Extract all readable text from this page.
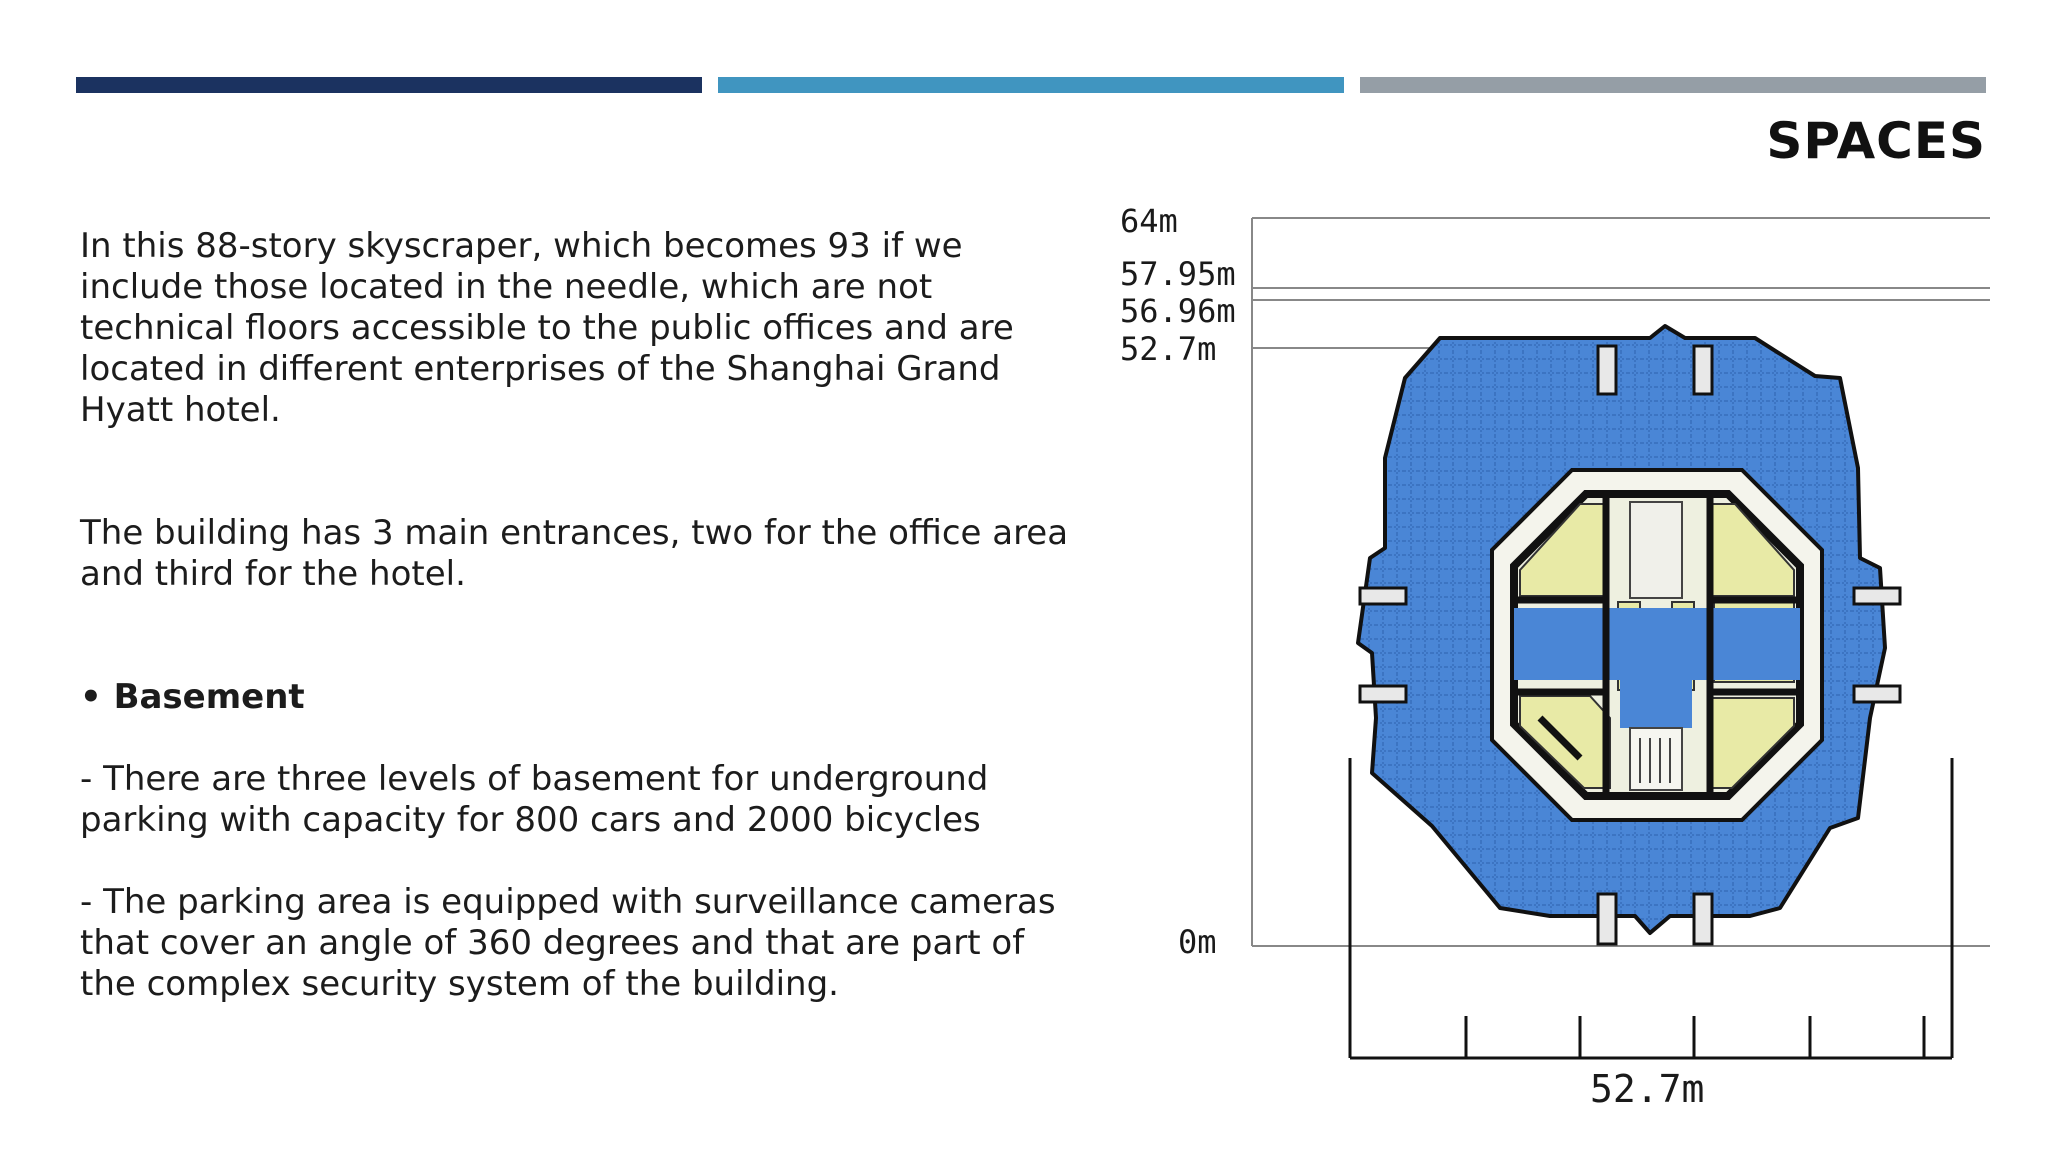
SPACES

In this 88-story skyscraper, which becomes 93 if we include those located in the needle, which are not technical floors accessible to the public offices and are located in different enterprises of the Shanghai Grand Hyatt hotel.

The building has 3 main entrances, two for the office area and third for the hotel.

• Basement

- There are three levels of basement for underground parking with capacity for 800 cars and 2000 bicycles

- The parking area is equipped with surveillance cameras that cover an angle of 360 degrees and that are part of the complex security system of the building.

64m
57.95m
56.96m
52.7m
0m
52.7m
